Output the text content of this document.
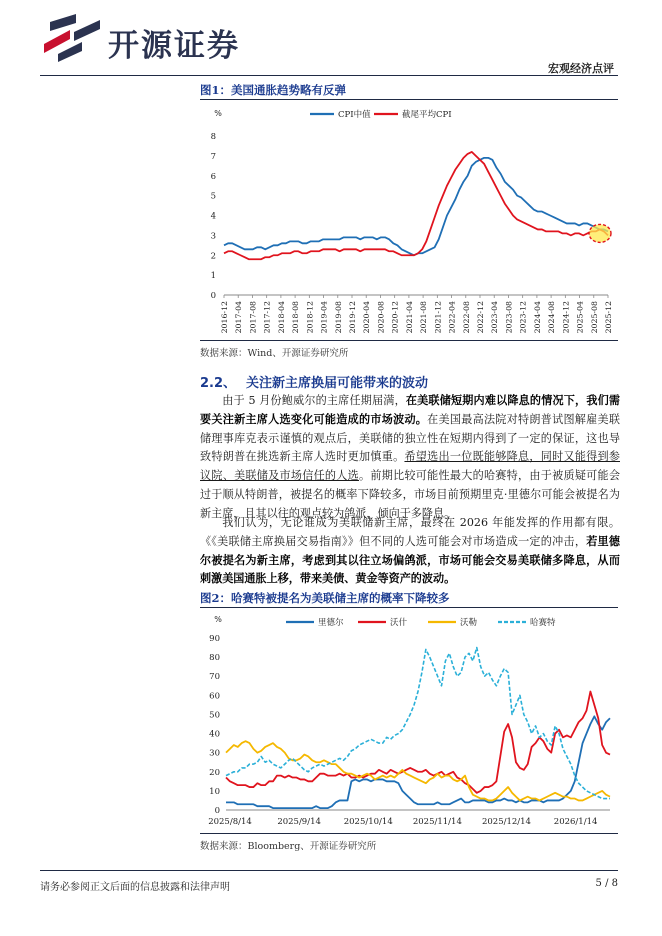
开源证券
宏观经济点评
图1：美国通胀趋势略有反弹
%	CPI中值	截尾平均CPI
0
1
2
3
4
5
6
7
8
2016-12 2017-04 2017-08 2017-12 2018-04 2018-08 2018-12 2019-04 2019-08 2019-12 2020-04 2020-08 2020-12 2021-04 2021-08 2021-12 2022-04 2022-08 2022-12 2023-04 2023-08 2023-12 2024-04 2024-08 2024-12 2025-04 2025-08 2025-12
数据来源：Wind、开源证券研究所
2.2、 关注新主席换届可能带来的波动
由于 5 月份鲍威尔的主席任期届满，在美联储短期内难以降息的情况下，我们需要关注新主席人选变化可能造成的市场波动。在美国最高法院对特朗普试图解雇美联储理事库克表示谨慎的观点后，美联储的独立性在短期内得到了一定的保证，这也导致特朗普在挑选新主席人选时更加慎重。希望选出一位既能够降息，同时又能得到参议院、美联储及市场信任的人选。前期比较可能性最大的哈赛特，由于被质疑可能会过于顺从特朗普，被提名的概率下降较多，市场目前预期里克·里德尔可能会被提名为新主席，且其以往的观点较为鸽派，倾向于多降息。
我们认为，无论谁成为美联储新主席，最终在 2026 年能发挥的作用都有限。《《美联储主席换届交易指南》》但不同的人选可能会对市场造成一定的冲击，若里德尔被提名为新主席，考虑到其以往立场偏鸽派，市场可能会交易美联储多降息，从而刺激美国通胀上移，带来美债、黄金等资产的波动。
图2：哈赛特被提名为美联储主席的概率下降较多
%	里德尔	沃什	沃勒	哈赛特
0
10
20
30
40
50
60
70
80
90
2025/8/14	2025/9/14	2025/10/14 2025/11/14 2025/12/14	2026/1/14
数据来源：Bloomberg、开源证券研究所
请务必参阅正文后面的信息披露和法律声明	5 / 8
